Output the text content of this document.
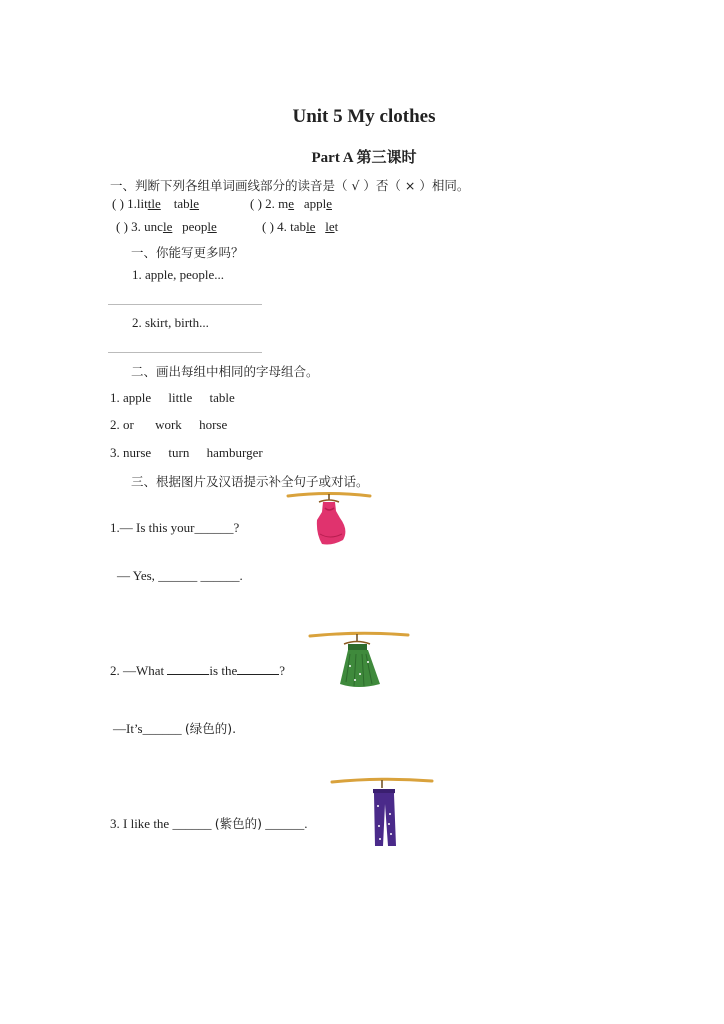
Unit 5 My clothes
Part A 第三课时
一、判断下列各组单词画线部分的读音是（ √ ）否（ × ）相同。
( ) 1.little table	( ) 2. me apple
( ) 3. uncle people	( ) 4. table let
一、你能写更多吗？
1. apple, people...
2. skirt, birth...
二、画出每组中相同的字母组合。
1. apple little table
2. or work horse
3. nurse turn hamburger
三、根据图片及汉语提示补全句子或对话。
1.— Is this your______?
— Yes, ______ ______.
2. —What	is the	?
—It’s______ (绿色的).
3. I like the ______ (紫色的) ______.
